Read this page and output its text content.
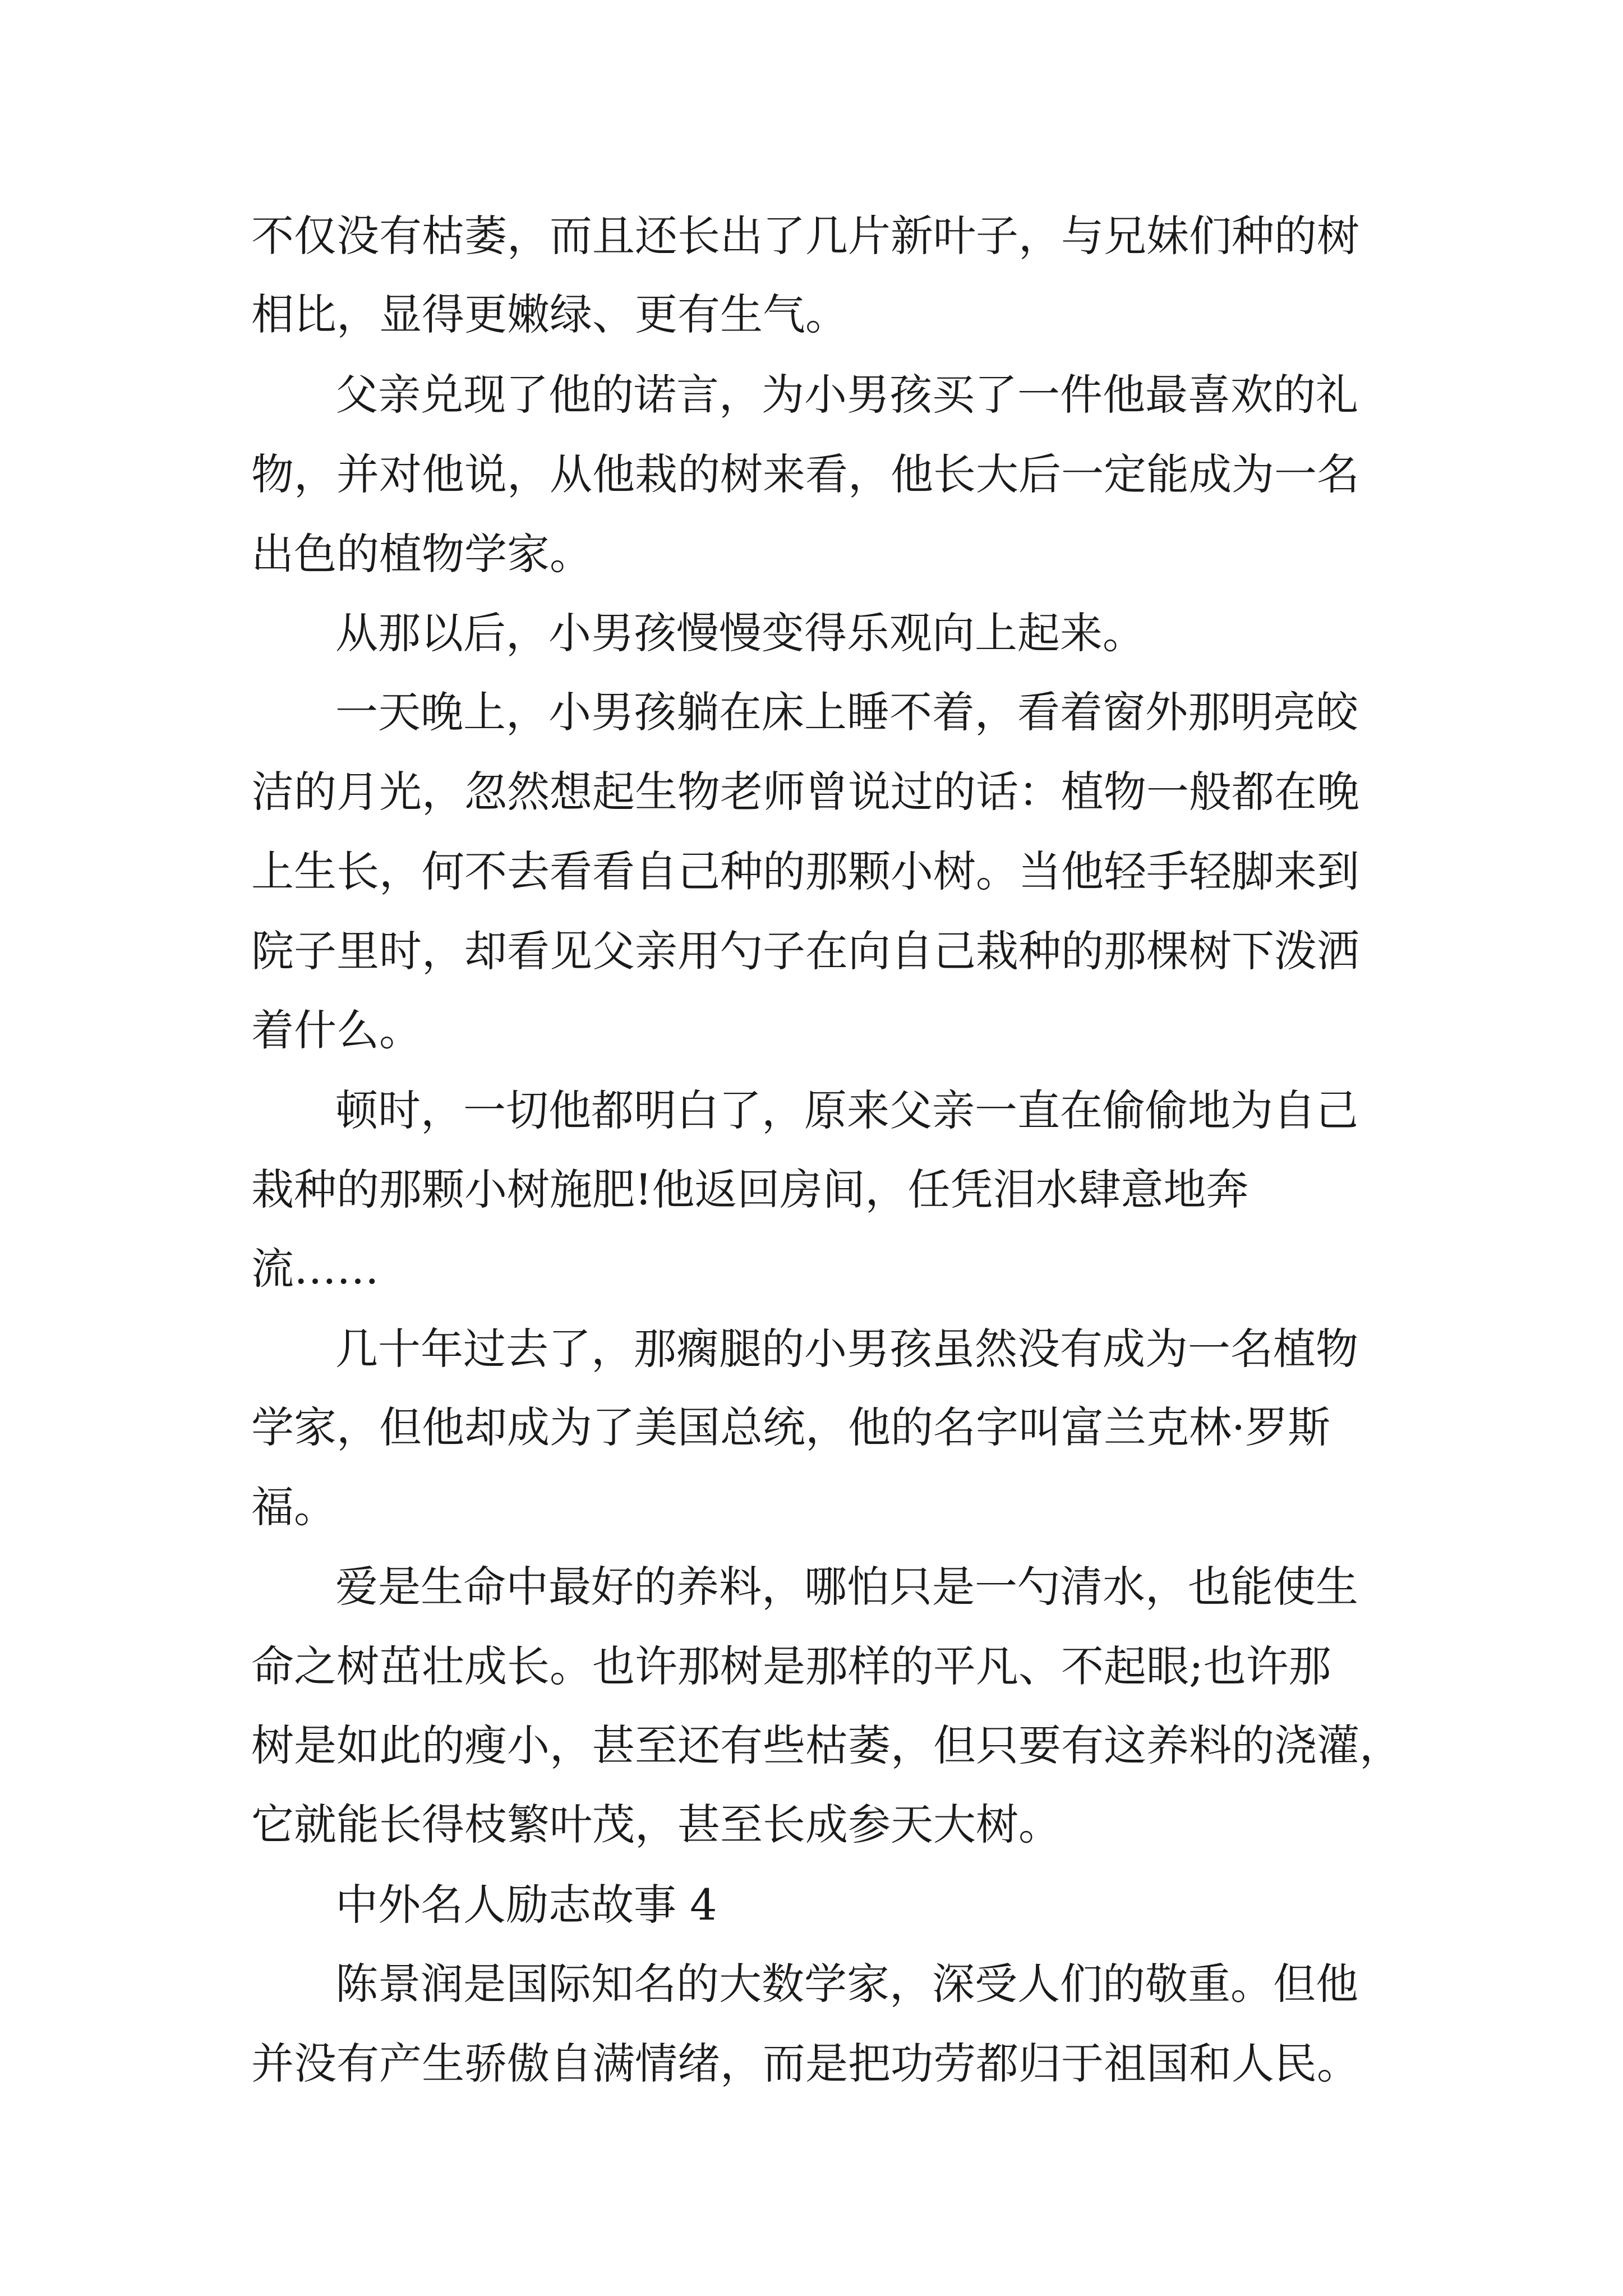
不仅没有枯萎，而且还长出了几片新叶子，与兄妹们种的树
相比，显得更嫩绿、更有生气。
父亲兑现了他的诺言，为小男孩买了一件他最喜欢的礼
物，并对他说，从他栽的树来看，他长大后一定能成为一名
出色的植物学家。
从那以后，小男孩慢慢变得乐观向上起来。
一天晚上，小男孩躺在床上睡不着，看着窗外那明亮皎
洁的月光，忽然想起生物老师曾说过的话：植物一般都在晚
上生长，何不去看看自己种的那颗小树。当他轻手轻脚来到
院子里时，却看见父亲用勺子在向自己栽种的那棵树下泼洒
着什么。
顿时，一切他都明白了，原来父亲一直在偷偷地为自己
栽种的那颗小树施肥!他返回房间，任凭泪水肆意地奔
流……
几十年过去了，那瘸腿的小男孩虽然没有成为一名植物
学家，但他却成为了美国总统，他的名字叫富兰克林·罗斯
福。
爱是生命中最好的养料，哪怕只是一勺清水，也能使生
命之树茁壮成长。也许那树是那样的平凡、不起眼;也许那
树是如此的瘦小，甚至还有些枯萎，但只要有这养料的浇灌，
它就能长得枝繁叶茂，甚至长成参天大树。
中外名人励志故事 4
陈景润是国际知名的大数学家，深受人们的敬重。但他
并没有产生骄傲自满情绪，而是把功劳都归于祖国和人民。
